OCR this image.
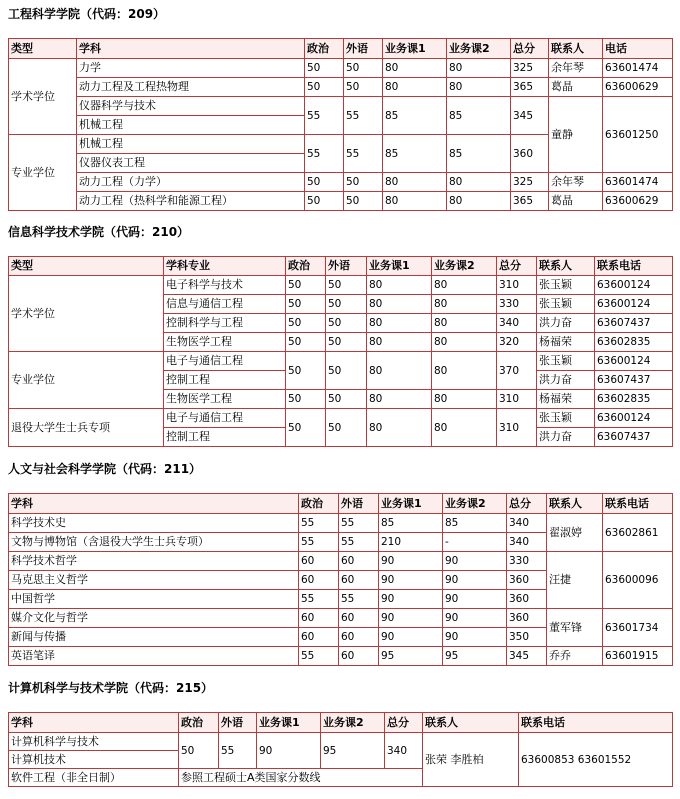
工程科学学院（代码：209）
类型	学科	政治	外语	业务课1	业务课2	总分	联系人	电话
学术学位	力学	50	50	80	80	325	余年琴	63601474
	动力工程及工程热物理	50	50	80	80	365	葛晶	63600629
	仪器科学与技术	55	55	85	85	345	童静	63601250
	机械工程							
专业学位	机械工程	55	55	85	85	360		
	仪器仪表工程							
	动力工程（力学）	50	50	80	80	325	余年琴	63601474
	动力工程（热科学和能源工程）	50	50	80	80	365	葛晶	63600629
信息科学技术学院（代码：210）
类型	学科专业	政治	外语	业务课1	业务课2	总分	联系人	联系电话
学术学位	电子科学与技术	50	50	80	80	310	张玉颖	63600124
	信息与通信工程	50	50	80	80	330	张玉颖	63600124
	控制科学与工程	50	50	80	80	340	洪力奋	63607437
	生物医学工程	50	50	80	80	320	杨福荣	63602835
专业学位	电子与通信工程	50	50	80	80	370	张玉颖	63600124
	控制工程						洪力奋	63607437
	生物医学工程	50	50	80	80	310	杨福荣	63602835
退役大学生士兵专项	电子与通信工程	50	50	80	80	310	张玉颖	63600124
	控制工程						洪力奋	63607437
人文与社会科学学院（代码：211）
学科	政治	外语	业务课1	业务课2	总分	联系人	联系电话
科学技术史	55	55	85	85	340	翟淑婷	63602861
文物与博物馆（含退役大学生士兵专项）	55	55	210	-	340		
科学技术哲学	60	60	90	90	330	汪捷	63600096
马克思主义哲学	60	60	90	90	360		
中国哲学	55	55	90	90	360		
媒介文化与哲学	60	60	90	90	360	董军锋	63601734
新闻与传播	60	60	90	90	350		
英语笔译	55	60	95	95	345	乔乔	63601915
计算机科学与技术学院（代码：215）
学科	政治	外语	业务课1	业务课2	总分	联系人	联系电话
计算机科学与技术	50	55	90	95	340	张荣 李胜柏	63600853 63601552
计算机技术							
软件工程（非全日制）	参照工程硕士A类国家分数线						
